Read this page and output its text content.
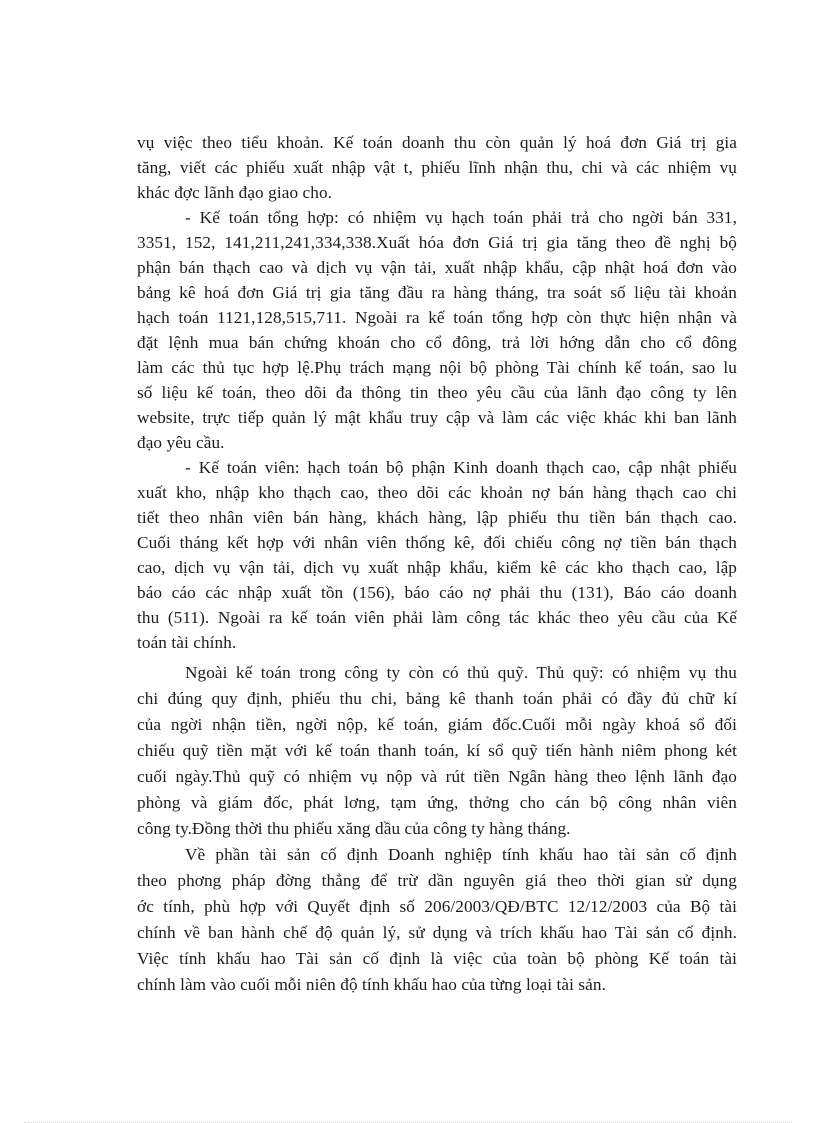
vụ việc theo tiểu khoản. Kế toán doanh thu còn quản lý hoá đơn Giá trị gia
tăng, viết các phiếu xuất nhập vật t, phiếu lĩnh nhận thu, chi và các nhiệm vụ
khác đợc lãnh đạo giao cho.
- Kế toán tổng hợp: có nhiệm vụ hạch toán phải trả cho ngời bán 331,
3351, 152, 141,211,241,334,338.Xuất hóa đơn Giá trị gia tăng theo đề nghị bộ
phận bán thạch cao và dịch vụ vận tải, xuất nhập khẩu, cập nhật hoá đơn vào
bảng kê hoá đơn Giá trị gia tăng đầu ra hàng tháng, tra soát số liệu tài khoản
hạch toán 1121,128,515,711. Ngoài ra kế toán tổng hợp còn thực hiện nhận và
đặt lệnh mua bán chứng khoán cho cổ đông, trả lời hớng dẫn cho cổ đông
làm các thủ tục hợp lệ.Phụ trách mạng nội bộ phòng Tài chính kế toán, sao lu
số liệu kế toán, theo dõi đa thông tin theo yêu cầu của lãnh đạo công ty lên
website, trực tiếp quản lý mật khẩu truy cập và làm các việc khác khi ban lãnh
đạo yêu cầu.
- Kế toán viên: hạch toán bộ phận Kinh doanh thạch cao, cập nhật phiếu
xuất kho, nhập kho thạch cao, theo dõi các khoản nợ bán hàng thạch cao chi
tiết theo nhân viên bán hàng, khách hàng, lập phiếu thu tiền bán thạch cao.
Cuối tháng kết hợp với nhân viên thống kê, đối chiếu công nợ tiền bán thạch
cao, dịch vụ vận tải, dịch vụ xuất nhập khẩu, kiểm kê các kho thạch cao, lập
báo cáo các nhập xuất tồn (156), báo cáo nợ phải thu (131), Báo cáo doanh
thu (511). Ngoài ra kế toán viên phải làm công tác khác theo yêu cầu của Kế
toán tài chính.
Ngoài kế toán trong công ty còn có thủ quỹ. Thủ quỹ: có nhiệm vụ thu
chi đúng quy định, phiếu thu chi, bảng kê thanh toán phải có đầy đủ chữ kí
của ngời nhận tiền, ngời nộp, kế toán, giám đốc.Cuối mỗi ngày khoá sổ đối
chiếu quỹ tiền mặt với kế toán thanh toán, kí sổ quỹ tiến hành niêm phong két
cuối ngày.Thủ quỹ có nhiệm vụ nộp và rút tiền Ngân hàng theo lệnh lãnh đạo
phòng và giám đốc, phát lơng, tạm ứng, thởng cho cán bộ công nhân viên
công ty.Đồng thời thu phiếu xăng dầu của công ty hàng tháng.
Về phần tài sản cố định Doanh nghiệp tính khấu hao tài sản cố định
theo phơng pháp đờng thẳng để trừ dần nguyên giá theo thời gian sử dụng
ớc tính, phù hợp với Quyết định số 206/2003/QĐ/BTC 12/12/2003 của Bộ tài
chính về ban hành chế độ quản lý, sử dụng và trích khấu hao Tài sản cố định.
Việc tính khấu hao Tài sản cố định là việc của toàn bộ phòng Kế toán tài
chính làm vào cuối mỗi niên độ tính khấu hao của từng loại tài sản.
